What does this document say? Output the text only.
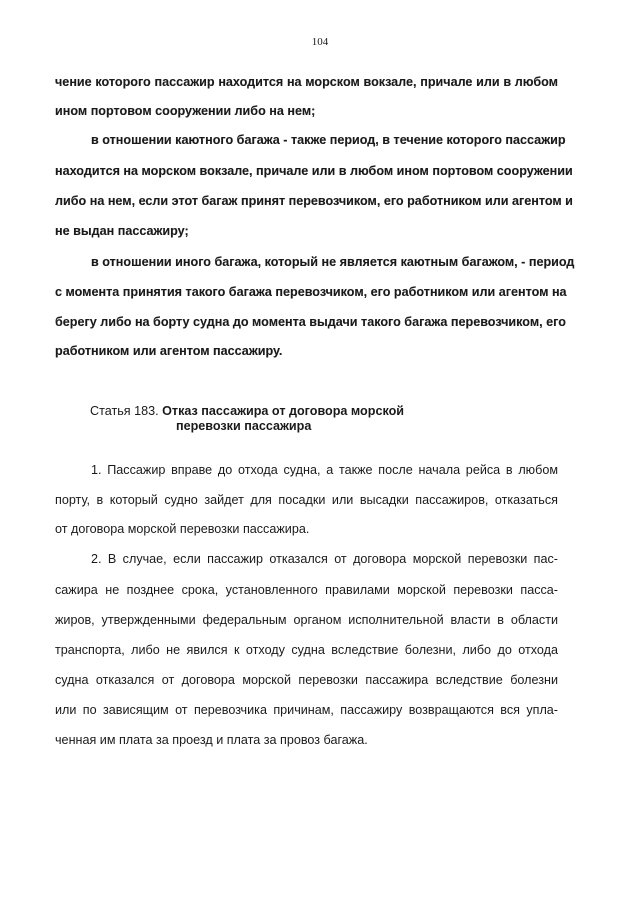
104
чение которого пассажир находится на морском вокзале, причале или в любом
ином портовом сооружении либо на нем;
в отношении каютного багажа - также период, в течение которого пассажир
находится на морском вокзале, причале или в любом ином портовом сооружении
либо на нем, если этот багаж принят перевозчиком, его работником или агентом и
не выдан пассажиру;
в отношении иного багажа, который не является каютным багажом, - период
с момента принятия такого багажа перевозчиком, его работником или агентом на
берегу либо на борту судна до момента выдачи такого багажа перевозчиком, его
работником или агентом пассажиру.
Статья 183. Отказ пассажира от договора морской
перевозки пассажира
1. Пассажир вправе до отхода судна, а также после начала рейса в любом
порту, в который судно зайдет для посадки или высадки пассажиров, отказаться
от договора морской перевозки пассажира.
2. В случае, если пассажир отказался от договора морской перевозки пас-
сажира не позднее срока, установленного правилами морской перевозки пасса-
жиров, утвержденными федеральным органом исполнительной власти в области
транспорта, либо не явился к отходу судна вследствие болезни, либо до отхода
судна отказался от договора морской перевозки пассажира вследствие болезни
или по зависящим от перевозчика причинам, пассажиру возвращаются вся упла-
ченная им плата за проезд и плата за провоз багажа.
